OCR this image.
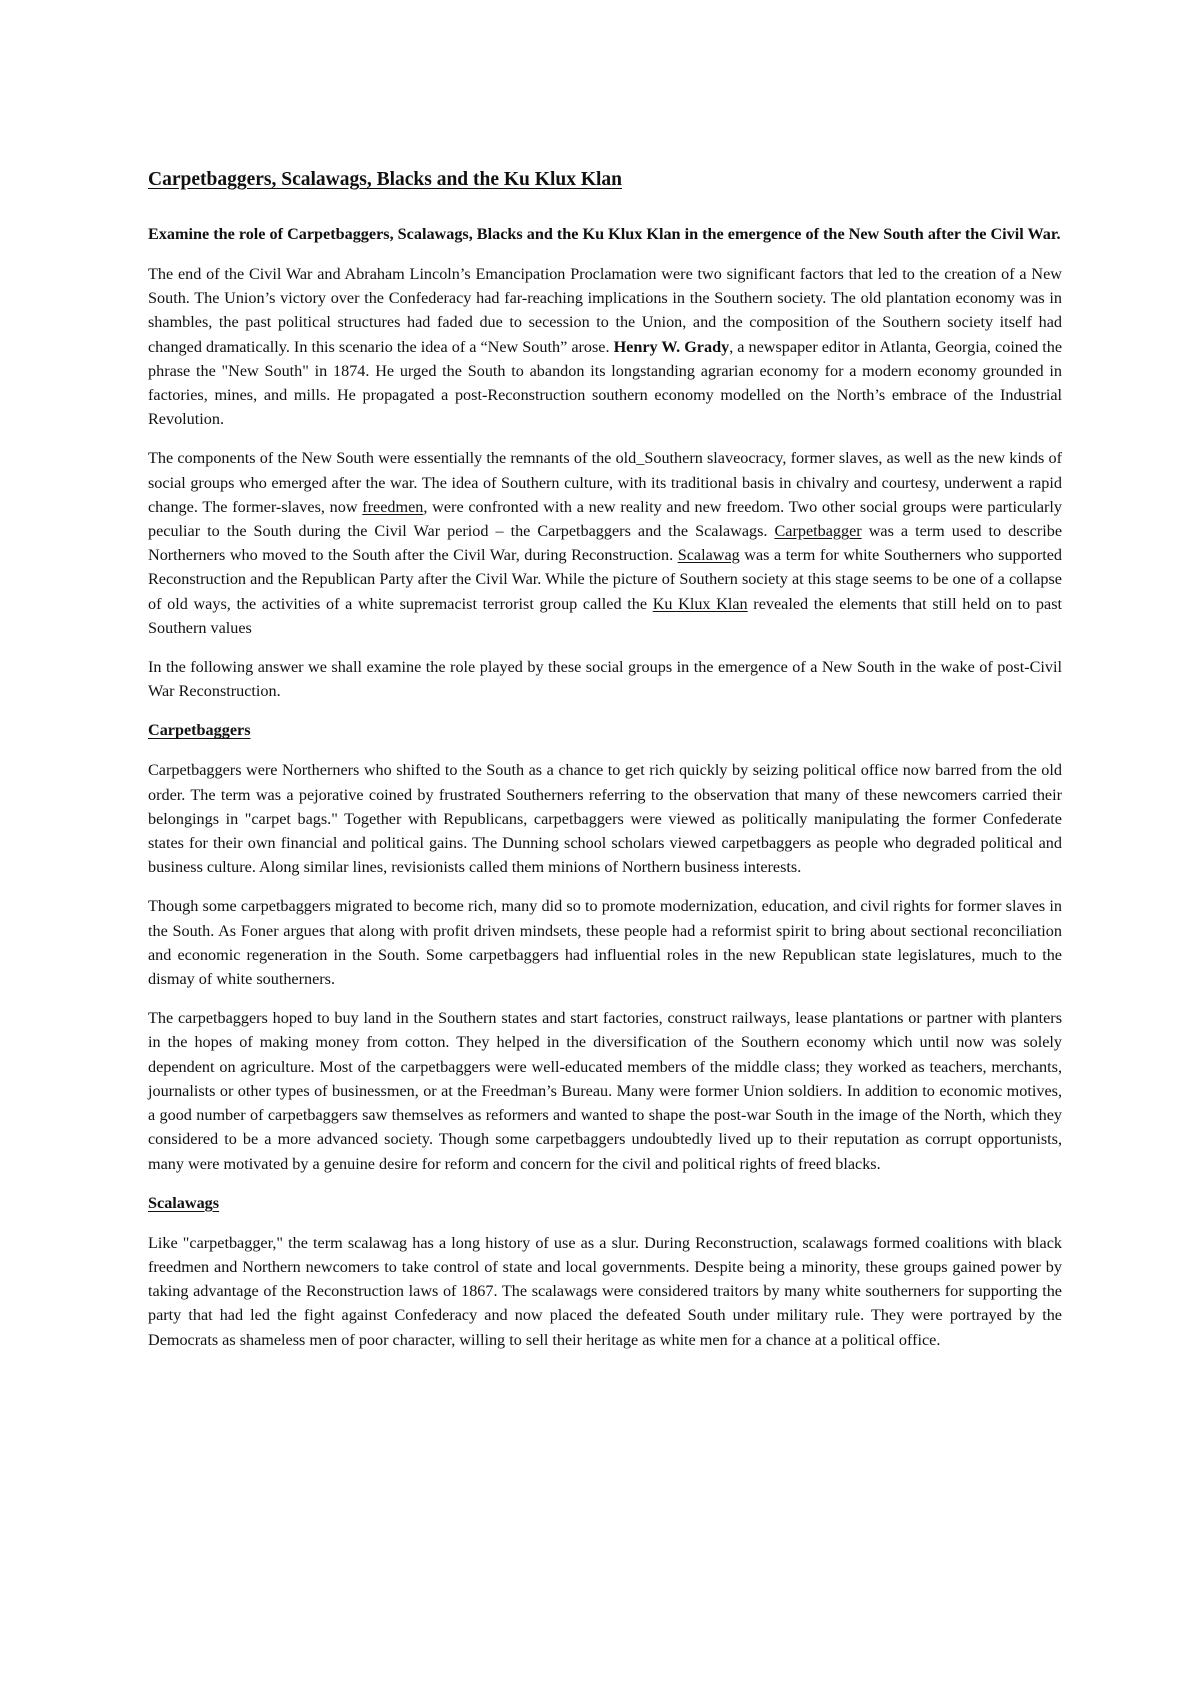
Carpetbaggers, Scalawags, Blacks and the Ku Klux Klan

Examine the role of Carpetbaggers, Scalawags, Blacks and the Ku Klux Klan in the emergence of the New South after the Civil War.

The end of the Civil War and Abraham Lincoln’s Emancipation Proclamation were two significant factors that led to the creation of a New South. The Union’s victory over the Confederacy had far-reaching implications in the Southern society. The old plantation economy was in shambles, the past political structures had faded due to secession to the Union, and the composition of the Southern society itself had changed dramatically. In this scenario the idea of a “New South” arose. Henry W. Grady, a newspaper editor in Atlanta, Georgia, coined the phrase the "New South" in 1874. He urged the South to abandon its longstanding agrarian economy for a modern economy grounded in factories, mines, and mills. He propagated a post-Reconstruction southern economy modelled on the North’s embrace of the Industrial Revolution.

The components of the New South were essentially the remnants of the old_Southern slaveocracy, former slaves, as well as the new kinds of social groups who emerged after the war. The idea of Southern culture, with its traditional basis in chivalry and courtesy, underwent a rapid change. The former-slaves, now freedmen, were confronted with a new reality and new freedom. Two other social groups were particularly peculiar to the South during the Civil War period – the Carpetbaggers and the Scalawags. Carpetbagger was a term used to describe Northerners who moved to the South after the Civil War, during Reconstruction. Scalawag was a term for white Southerners who supported Reconstruction and the Republican Party after the Civil War. While the picture of Southern society at this stage seems to be one of a collapse of old ways, the activities of a white supremacist terrorist group called the Ku Klux Klan revealed the elements that still held on to past Southern values

In the following answer we shall examine the role played by these social groups in the emergence of a New South in the wake of post-Civil War Reconstruction.

Carpetbaggers

Carpetbaggers were Northerners who shifted to the South as a chance to get rich quickly by seizing political office now barred from the old order. The term was a pejorative coined by frustrated Southerners referring to the observation that many of these newcomers carried their belongings in "carpet bags." Together with Republicans, carpetbaggers were viewed as politically manipulating the former Confederate states for their own financial and political gains. The Dunning school scholars viewed carpetbaggers as people who degraded political and business culture. Along similar lines, revisionists called them minions of Northern business interests.

Though some carpetbaggers migrated to become rich, many did so to promote modernization, education, and civil rights for former slaves in the South. As Foner argues that along with profit driven mindsets, these people had a reformist spirit to bring about sectional reconciliation and economic regeneration in the South. Some carpetbaggers had influential roles in the new Republican state legislatures, much to the dismay of white southerners.

The carpetbaggers hoped to buy land in the Southern states and start factories, construct railways, lease plantations or partner with planters in the hopes of making money from cotton. They helped in the diversification of the Southern economy which until now was solely dependent on agriculture. Most of the carpetbaggers were well-educated members of the middle class; they worked as teachers, merchants, journalists or other types of businessmen, or at the Freedman’s Bureau. Many were former Union soldiers. In addition to economic motives, a good number of carpetbaggers saw themselves as reformers and wanted to shape the post-war South in the image of the North, which they considered to be a more advanced society. Though some carpetbaggers undoubtedly lived up to their reputation as corrupt opportunists, many were motivated by a genuine desire for reform and concern for the civil and political rights of freed blacks.

Scalawags

Like "carpetbagger," the term scalawag has a long history of use as a slur. During Reconstruction, scalawags formed coalitions with black freedmen and Northern newcomers to take control of state and local governments. Despite being a minority, these groups gained power by taking advantage of the Reconstruction laws of 1867. The scalawags were considered traitors by many white southerners for supporting the party that had led the fight against Confederacy and now placed the defeated South under military rule. They were portrayed by the Democrats as shameless men of poor character, willing to sell their heritage as white men for a chance at a political office.
